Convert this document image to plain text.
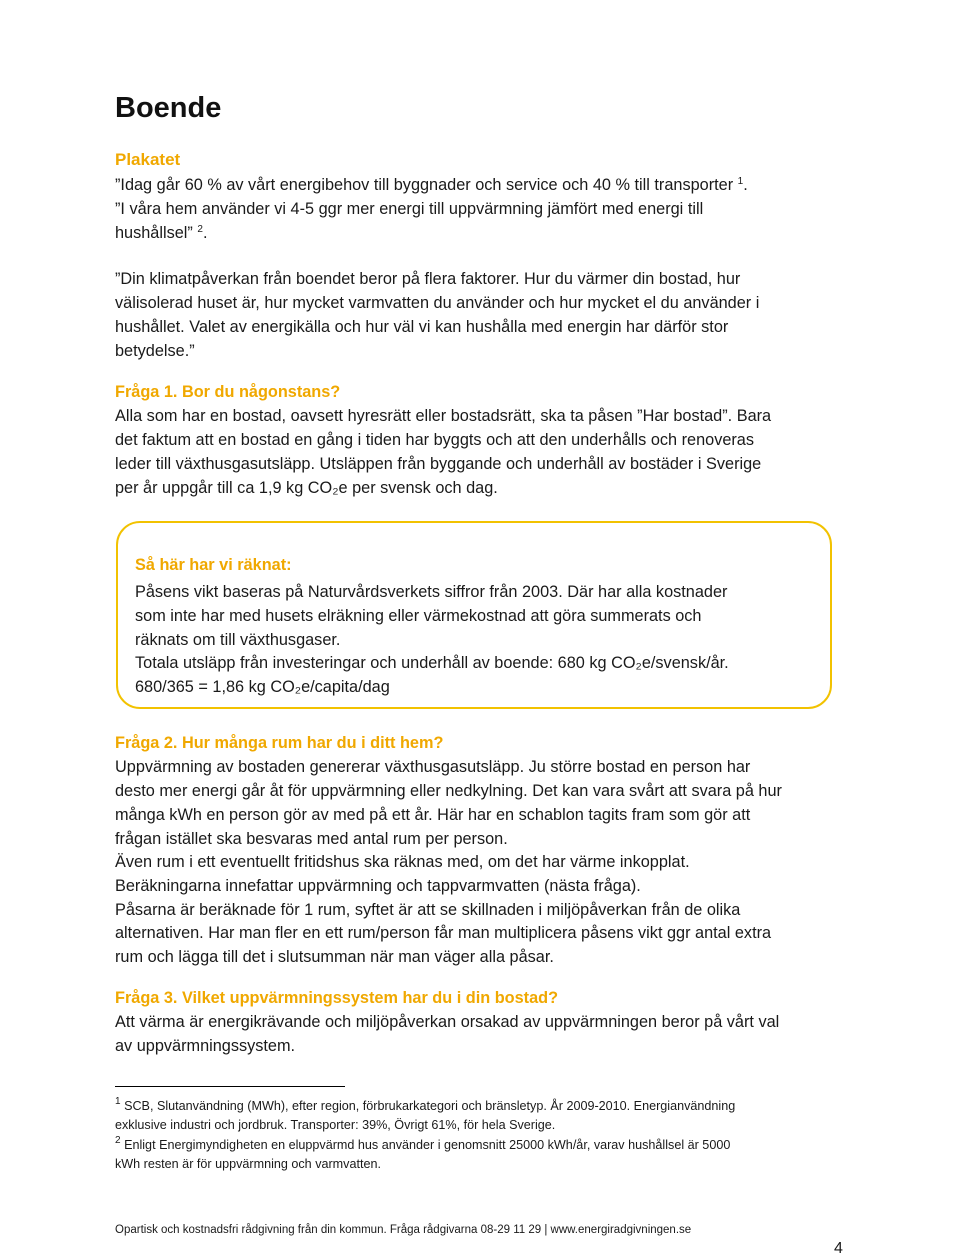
Boende
Plakatet
”Idag går 60 % av vårt energibehov till byggnader och service och 40 % till transporter $^1$.
”I våra hem använder vi 4-5 ggr mer energi till uppvärmning jämfört med energi till
hushållsel” $^2$.
”Din klimatpåverkan från boendet beror på flera faktorer. Hur du värmer din bostad, hur
välisolerad huset är, hur mycket varmvatten du använder och hur mycket el du använder i
hushållet. Valet av energikälla och hur väl vi kan hushålla med energin har därför stor
betydelse.”
Fråga 1. Bor du någonstans?
Alla som har en bostad, oavsett hyresrätt eller bostadsrätt, ska ta påsen ”Har bostad”. Bara
det faktum att en bostad en gång i tiden har byggts och att den underhålls och renoveras
leder till växthusgasutsläpp. Utsläppen från byggande och underhåll av bostäder i Sverige
per år uppgår till ca 1,9 kg CO₂e per svensk och dag.
Så här har vi räknat:
Påsens vikt baseras på Naturvårdsverkets siffror från 2003. Där har alla kostnader
som inte har med husets elräkning eller värmekostnad att göra summerats och
räknats om till växthusgaser.
Totala utsläpp från investeringar och underhåll av boende: 680 kg CO₂e/svensk/år.
680/365 = 1,86 kg CO₂e/capita/dag
Fråga 2. Hur många rum har du i ditt hem?
Uppvärmning av bostaden genererar växthusgasutsläpp. Ju större bostad en person har
desto mer energi går åt för uppvärmning eller nedkylning. Det kan vara svårt att svara på hur
många kWh en person gör av med på ett år. Här har en schablon tagits fram som gör att
frågan istället ska besvaras med antal rum per person.
Även rum i ett eventuellt fritidshus ska räknas med, om det har värme inkopplat.
Beräkningarna innefattar uppvärmning och tappvarmvatten (nästa fråga).
Påsarna är beräknade för 1 rum, syftet är att se skillnaden i miljöpåverkan från de olika
alternativen. Har man fler en ett rum/person får man multiplicera påsens vikt ggr antal extra
rum och lägga till det i slutsumman när man väger alla påsar.
Fråga 3. Vilket uppvärmningssystem har du i din bostad?
Att värma är energikrävande och miljöpåverkan orsakad av uppvärmningen beror på vårt val
av uppvärmningssystem.
$^1$ SCB, Slutanvändning (MWh), efter region, förbrukarkategori och bränsletyp. År 2009-2010. Energianvändning
exklusive industri och jordbruk. Transporter: 39%, Övrigt 61%, för hela Sverige.
$^2$ Enligt Energimyndigheten en eluppvärmd hus använder i genomsnitt 25000 kWh/år, varav hushållsel är 5000
kWh resten är för uppvärmning och varmvatten.
Opartisk och kostnadsfri rådgivning från din kommun. Fråga rådgivarna 08-29 11 29 | www.energiradgivningen.se
4
